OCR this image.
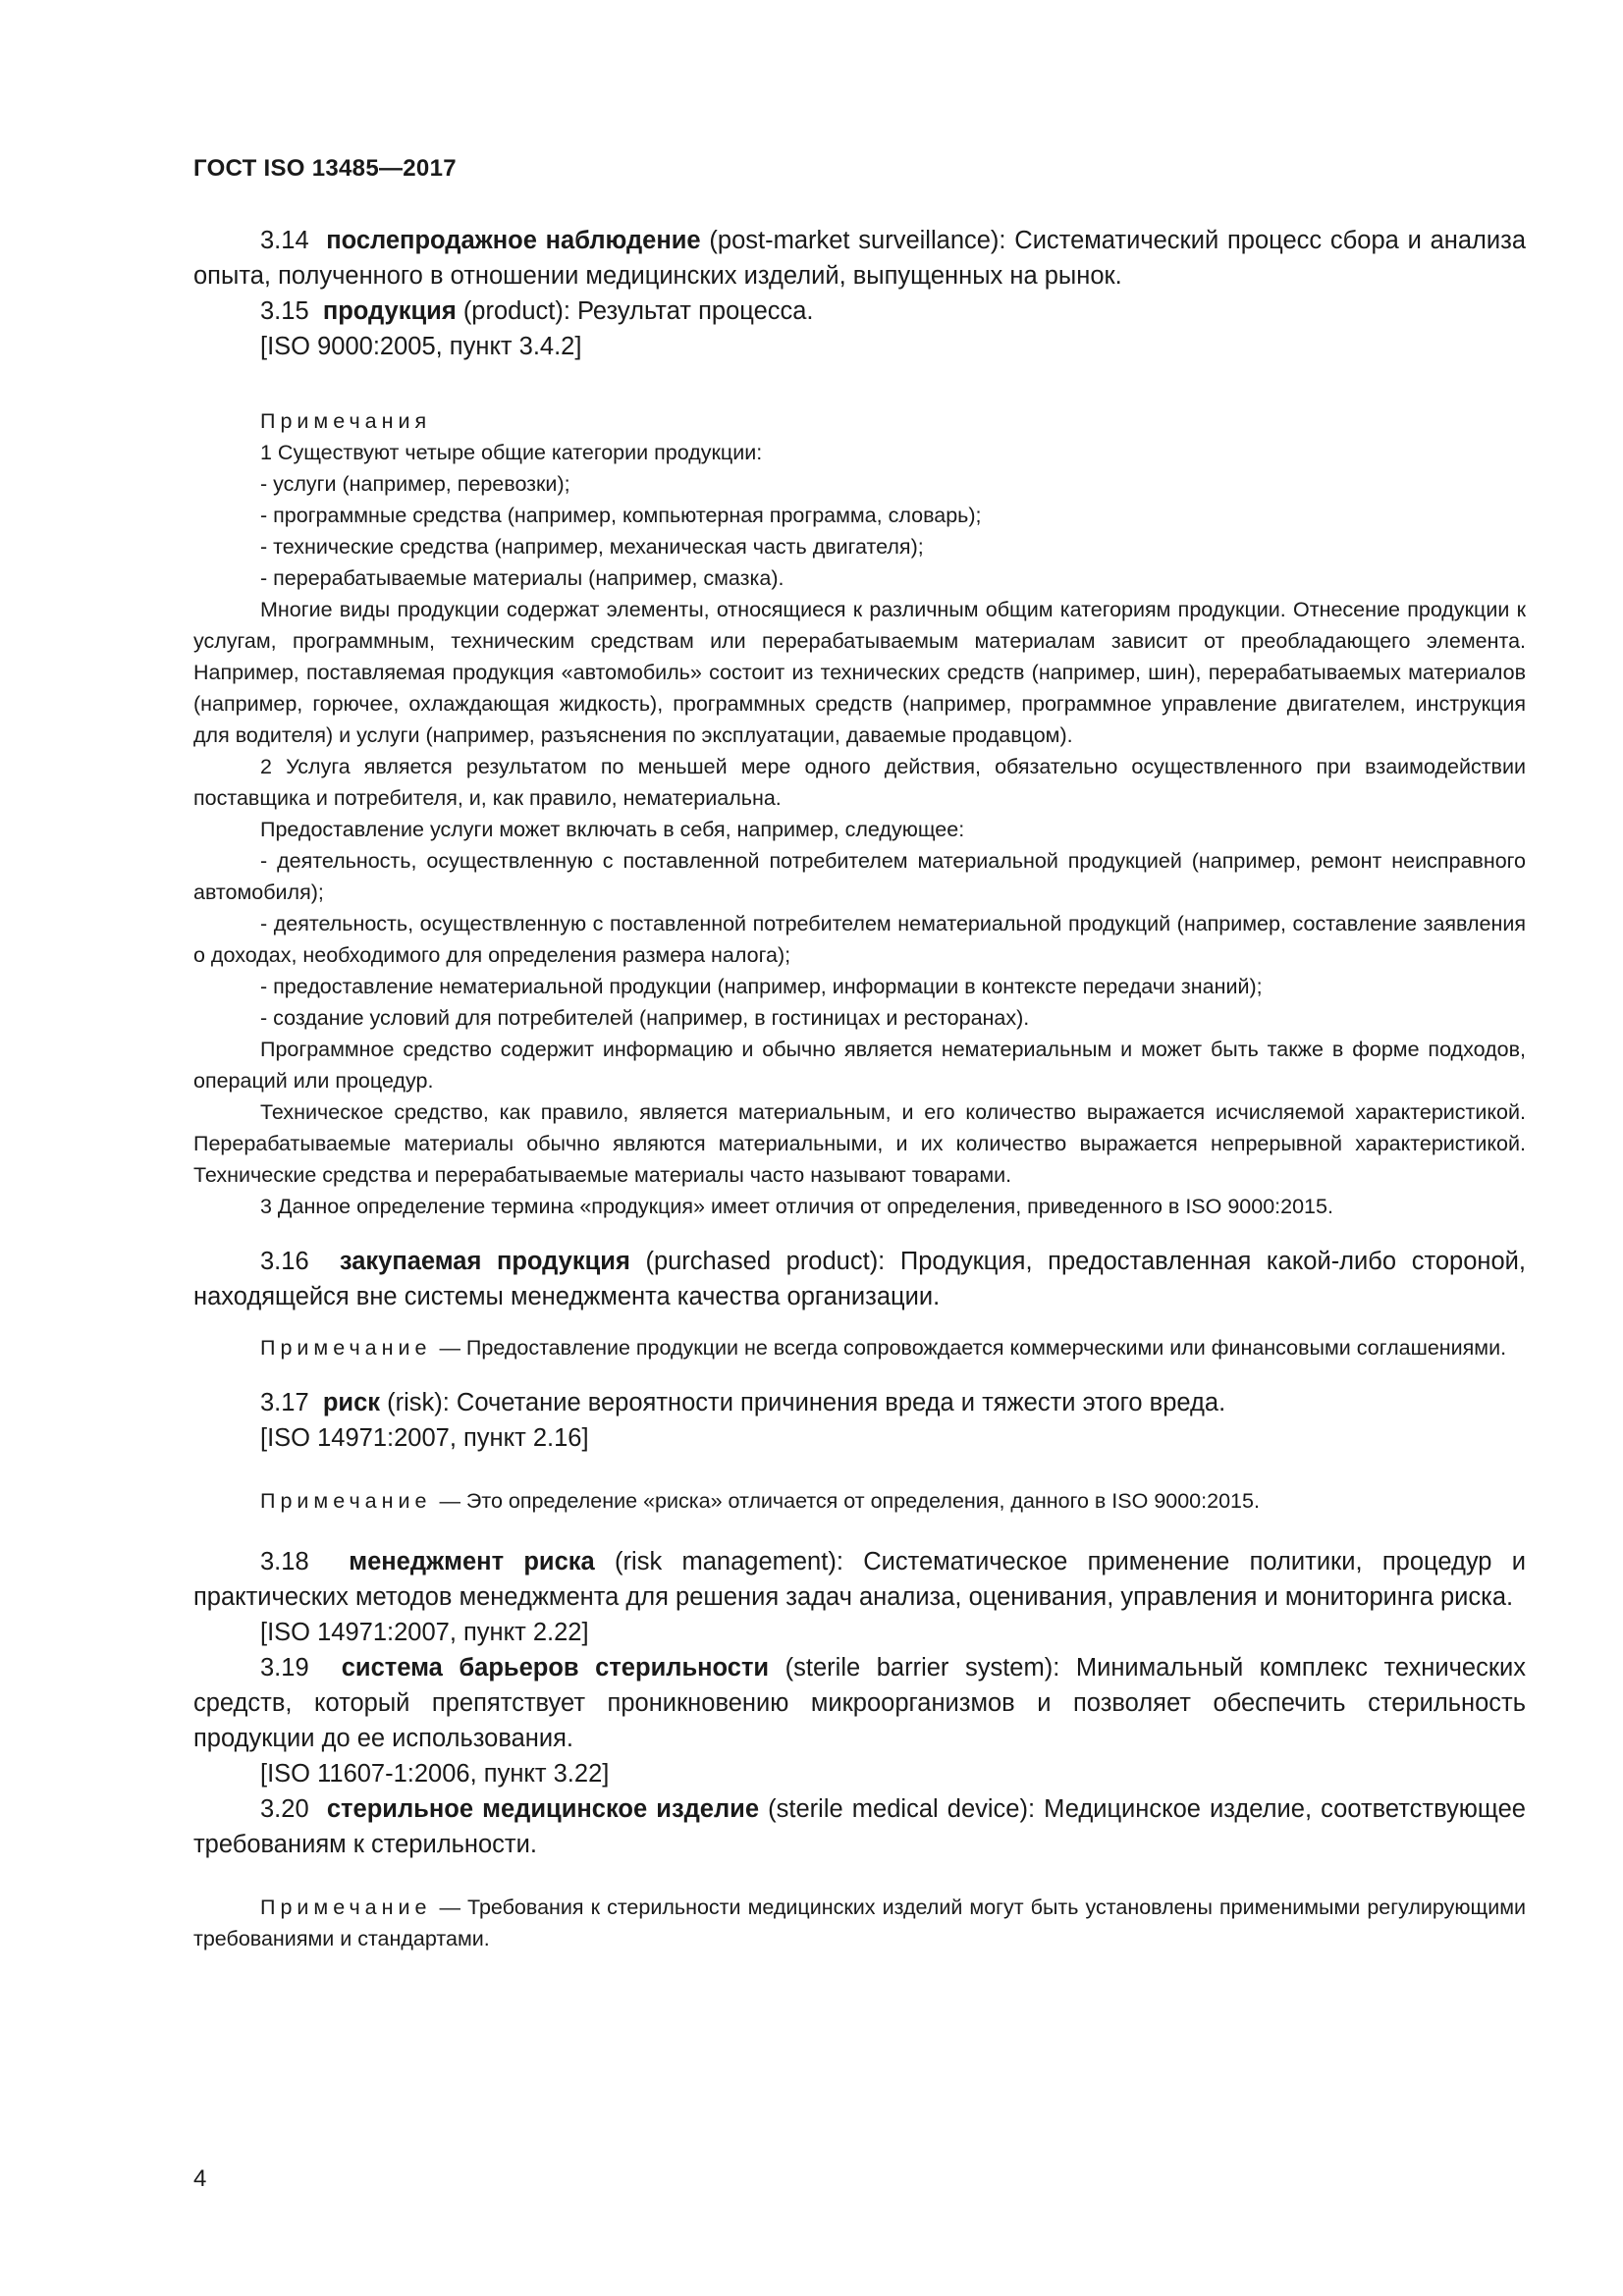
ГОСТ ISO 13485—2017

3.14 послепродажное наблюдение (post-market surveillance): Систематический процесс сбора и анализа опыта, полученного в отношении медицинских изделий, выпущенных на рынок.

3.15 продукция (product): Результат процесса.

[ISO 9000:2005, пункт 3.4.2]

Примечания

1 Существуют четыре общие категории продукции:

- услуги (например, перевозки);

- программные средства (например, компьютерная программа, словарь);

- технические средства (например, механическая часть двигателя);

- перерабатываемые материалы (например, смазка).

Многие виды продукции содержат элементы, относящиеся к различным общим категориям продукции. Отнесение продукции к услугам, программным, техническим средствам или перерабатываемым материалам зависит от преобладающего элемента. Например, поставляемая продукция «автомобиль» состоит из технических средств (например, шин), перерабатываемых материалов (например, горючее, охлаждающая жидкость), программных средств (например, программное управление двигателем, инструкция для водителя) и услуги (например, разъяснения по эксплуатации, даваемые продавцом).

2 Услуга является результатом по меньшей мере одного действия, обязательно осуществленного при взаимодействии поставщика и потребителя, и, как правило, нематериальна.

Предоставление услуги может включать в себя, например, следующее:

- деятельность, осуществленную с поставленной потребителем материальной продукцией (например, ремонт неисправного автомобиля);

- деятельность, осуществленную с поставленной потребителем нематериальной продукций (например, составление заявления о доходах, необходимого для определения размера налога);

- предоставление нематериальной продукции (например, информации в контексте передачи знаний);

- создание условий для потребителей (например, в гостиницах и ресторанах).

Программное средство содержит информацию и обычно является нематериальным и может быть также в форме подходов, операций или процедур.

Техническое средство, как правило, является материальным, и его количество выражается исчисляемой характеристикой. Перерабатываемые материалы обычно являются материальными, и их количество выражается непрерывной характеристикой. Технические средства и перерабатываемые материалы часто называют товарами.

3 Данное определение термина «продукция» имеет отличия от определения, приведенного в ISO 9000:2015.

3.16 закупаемая продукция (purchased product): Продукция, предоставленная какой-либо стороной, находящейся вне системы менеджмента качества организации.

Примечание — Предоставление продукции не всегда сопровождается коммерческими или финансовыми соглашениями.

3.17 риск (risk): Сочетание вероятности причинения вреда и тяжести этого вреда.

[ISO 14971:2007, пункт 2.16]

Примечание — Это определение «риска» отличается от определения, данного в ISO 9000:2015.

3.18 менеджмент риска (risk management): Систематическое применение политики, процедур и практических методов менеджмента для решения задач анализа, оценивания, управления и мониторинга риска.

[ISO 14971:2007, пункт 2.22]

3.19 система барьеров стерильности (sterile barrier system): Минимальный комплекс технических средств, который препятствует проникновению микроорганизмов и позволяет обеспечить стерильность продукции до ее использования.

[ISO 11607-1:2006, пункт 3.22]

3.20 стерильное медицинское изделие (sterile medical device): Медицинское изделие, соответствующее требованиям к стерильности.

Примечание — Требования к стерильности медицинских изделий могут быть установлены применимыми регулирующими требованиями и стандартами.

4
